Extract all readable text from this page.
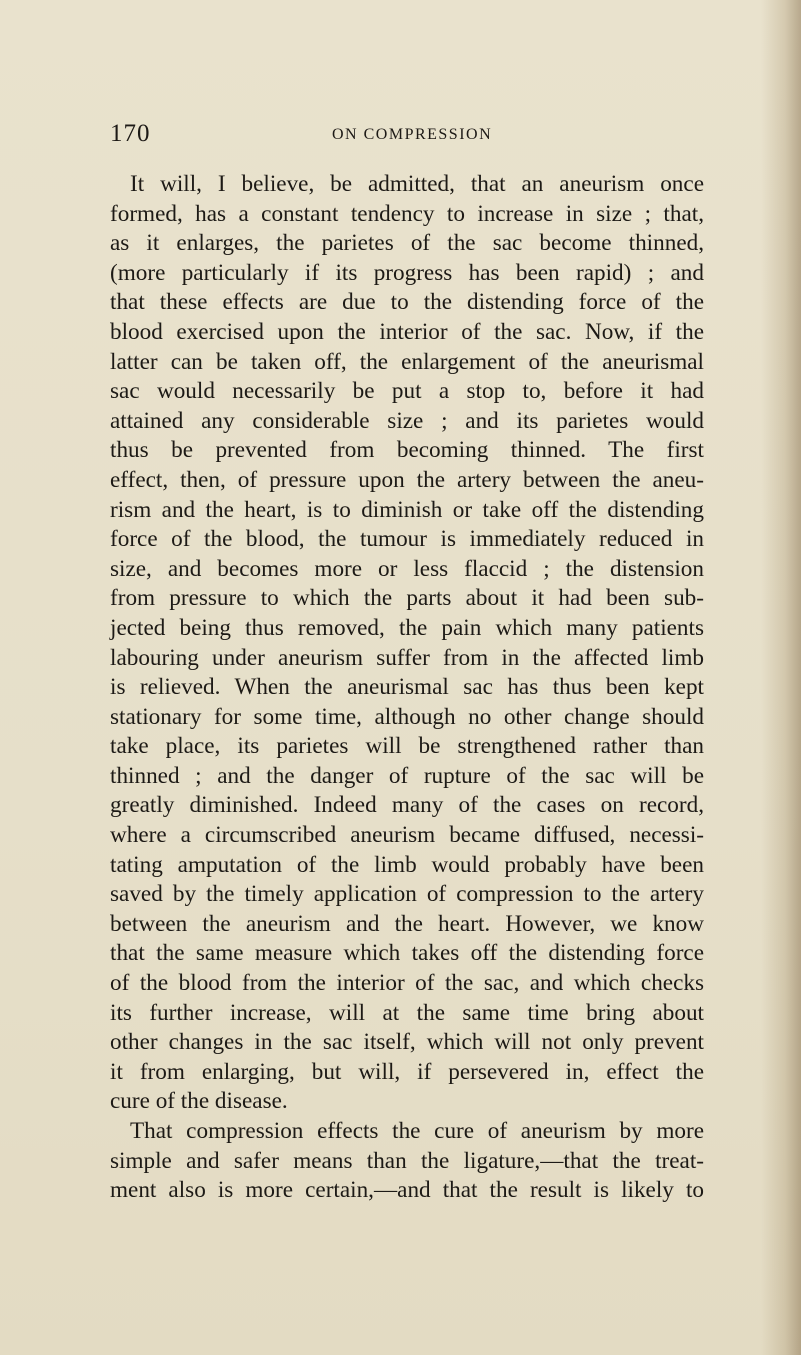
170	ON COMPRESSION
It will, I believe, be admitted, that an aneurism once
formed, has a constant tendency to increase in size ; that,
as it enlarges, the parietes of the sac become thinned,
(more particularly if its progress has been rapid) ; and
that these effects are due to the distending force of the
blood exercised upon the interior of the sac. Now, if the
latter can be taken off, the enlargement of the aneurismal
sac would necessarily be put a stop to, before it had
attained any considerable size ; and its parietes would
thus be prevented from becoming thinned. The first
effect, then, of pressure upon the artery between the aneu-
rism and the heart, is to diminish or take off the distending
force of the blood, the tumour is immediately reduced in
size, and becomes more or less flaccid ; the distension
from pressure to which the parts about it had been sub-
jected being thus removed, the pain which many patients
labouring under aneurism suffer from in the affected limb
is relieved. When the aneurismal sac has thus been kept
stationary for some time, although no other change should
take place, its parietes will be strengthened rather than
thinned ; and the danger of rupture of the sac will be
greatly diminished. Indeed many of the cases on record,
where a circumscribed aneurism became diffused, necessi-
tating amputation of the limb would probably have been
saved by the timely application of compression to the artery
between the aneurism and the heart. However, we know
that the same measure which takes off the distending force
of the blood from the interior of the sac, and which checks
its further increase, will at the same time bring about
other changes in the sac itself, which will not only prevent
it from enlarging, but will, if persevered in, effect the
cure of the disease.
That compression effects the cure of aneurism by more
simple and safer means than the ligature,—that the treat-
ment also is more certain,—and that the result is likely to
